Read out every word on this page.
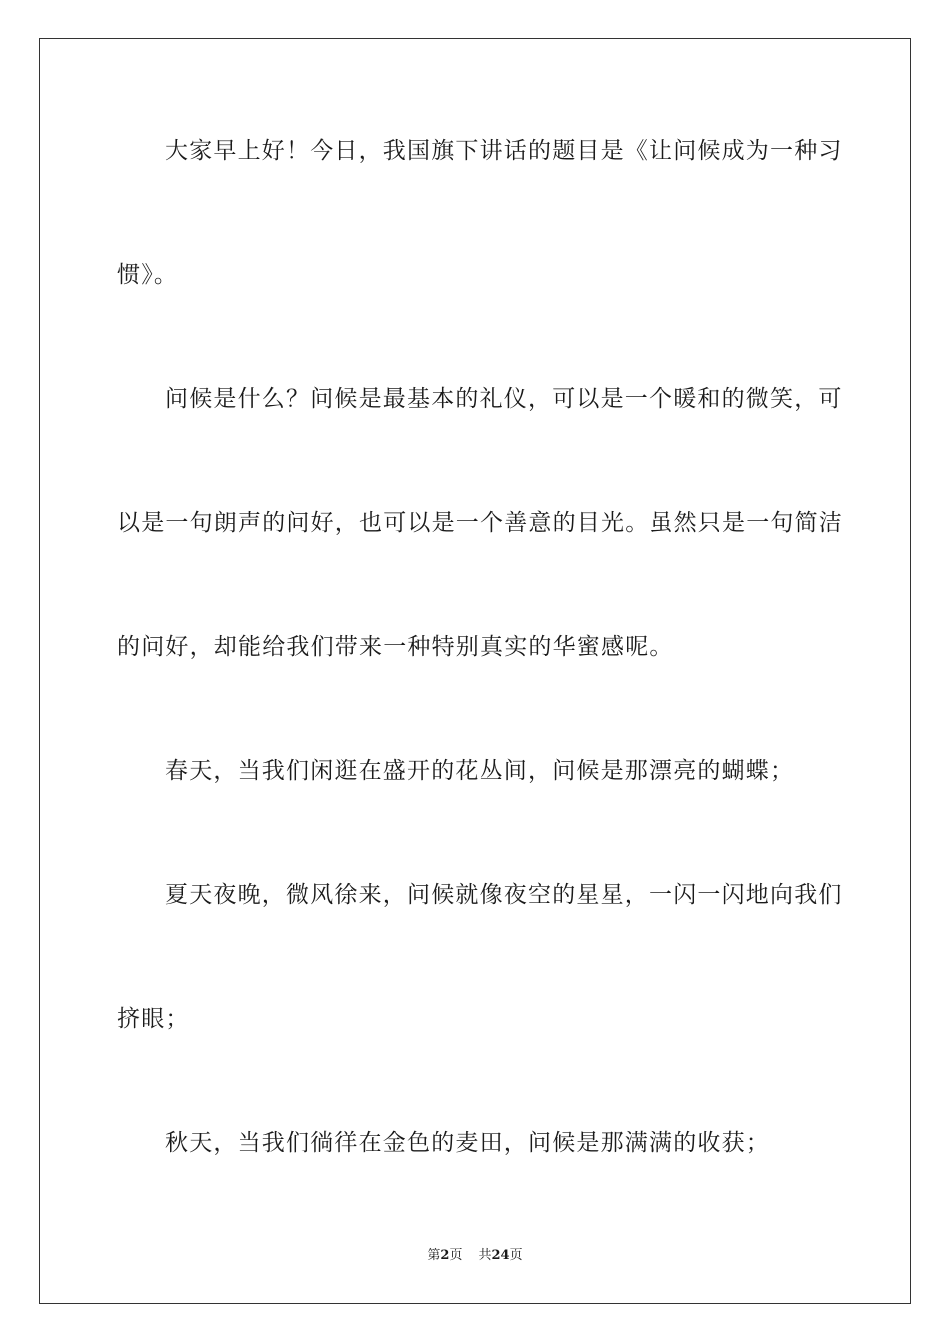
大家早上好！今日，我国旗下讲话的题目是《让问候成为一种习
惯》。
问候是什么？问候是最基本的礼仪，可以是一个暖和的微笑，可
以是一句朗声的问好，也可以是一个善意的目光。虽然只是一句简洁
的问好，却能给我们带来一种特别真实的华蜜感呢。
春天，当我们闲逛在盛开的花丛间，问候是那漂亮的蝴蝶；
夏天夜晚，微风徐来，问候就像夜空的星星，一闪一闪地向我们
挤眼；
秋天，当我们徜徉在金色的麦田，问候是那满满的收获；
第2页 共24页
